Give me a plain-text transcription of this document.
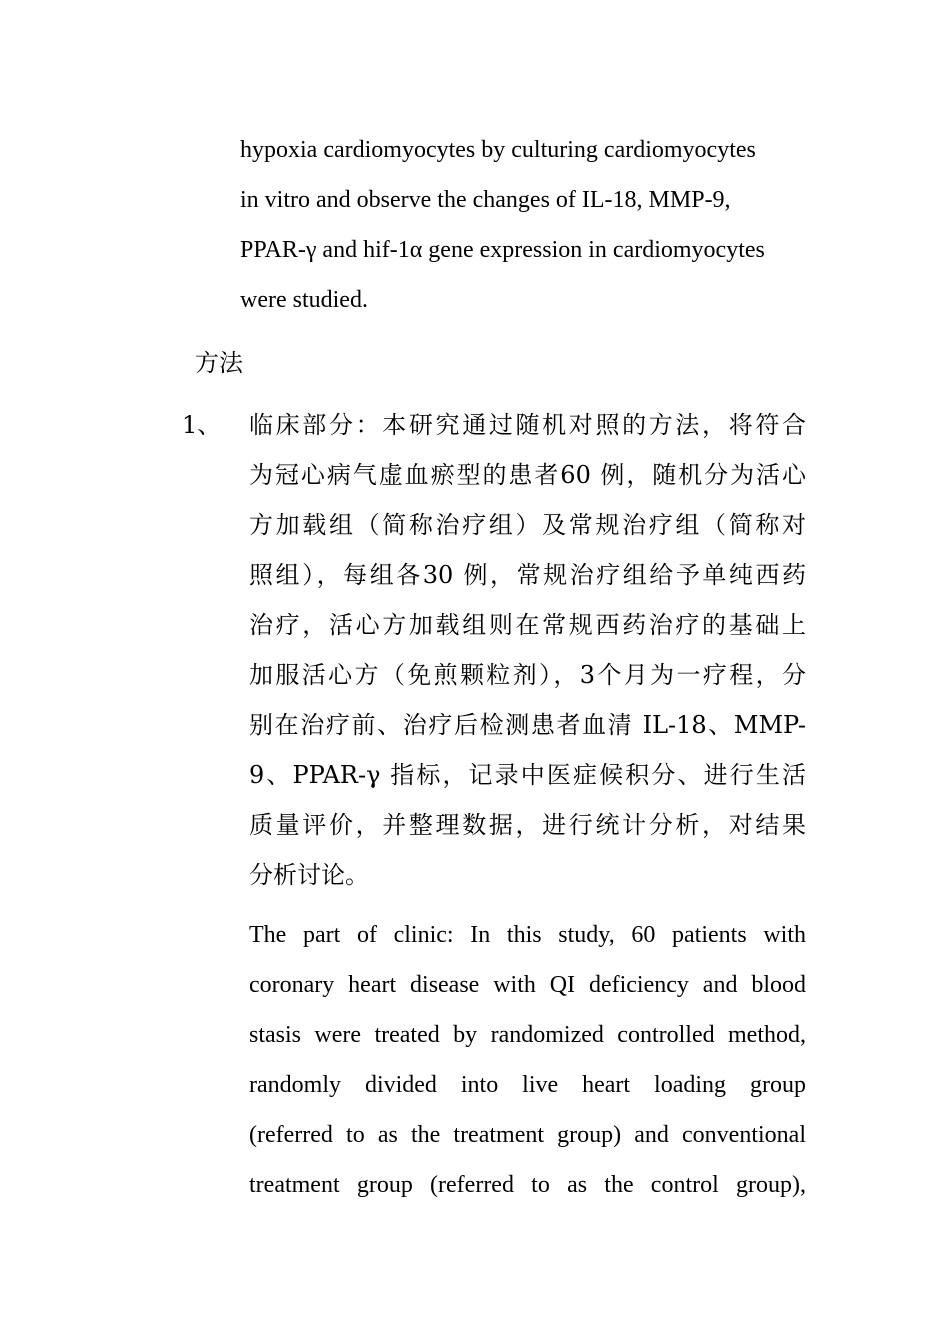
hypoxia cardiomyocytes by culturing cardiomyocytes
in vitro and observe the changes of IL-18, MMP-9,
PPAR-γ and hif-1α gene expression in cardiomyocytes
were studied.
方法
1、 临床部分：本研究通过随机对照的方法，将符合
为冠心病气虚血瘀型的患者60 例，随机分为活心
方加载组（简称治疗组）及常规治疗组（简称对
照组），每组各30 例，常规治疗组给予单纯西药
治疗，活心方加载组则在常规西药治疗的基础上
加服活心方（免煎颗粒剂），3个月为一疗程，分
别在治疗前、治疗后检测患者血清 IL-18、MMP-
9、PPAR-γ 指标，记录中医症候积分、进行生活
质量评价，并整理数据，进行统计分析，对结果
分析讨论。
The part of clinic: In this study, 60 patients with
coronary heart disease with QI deficiency and blood
stasis were treated by randomized controlled method,
randomly divided into live heart loading group
(referred to as the treatment group) and conventional
treatment group (referred to as the control group),
